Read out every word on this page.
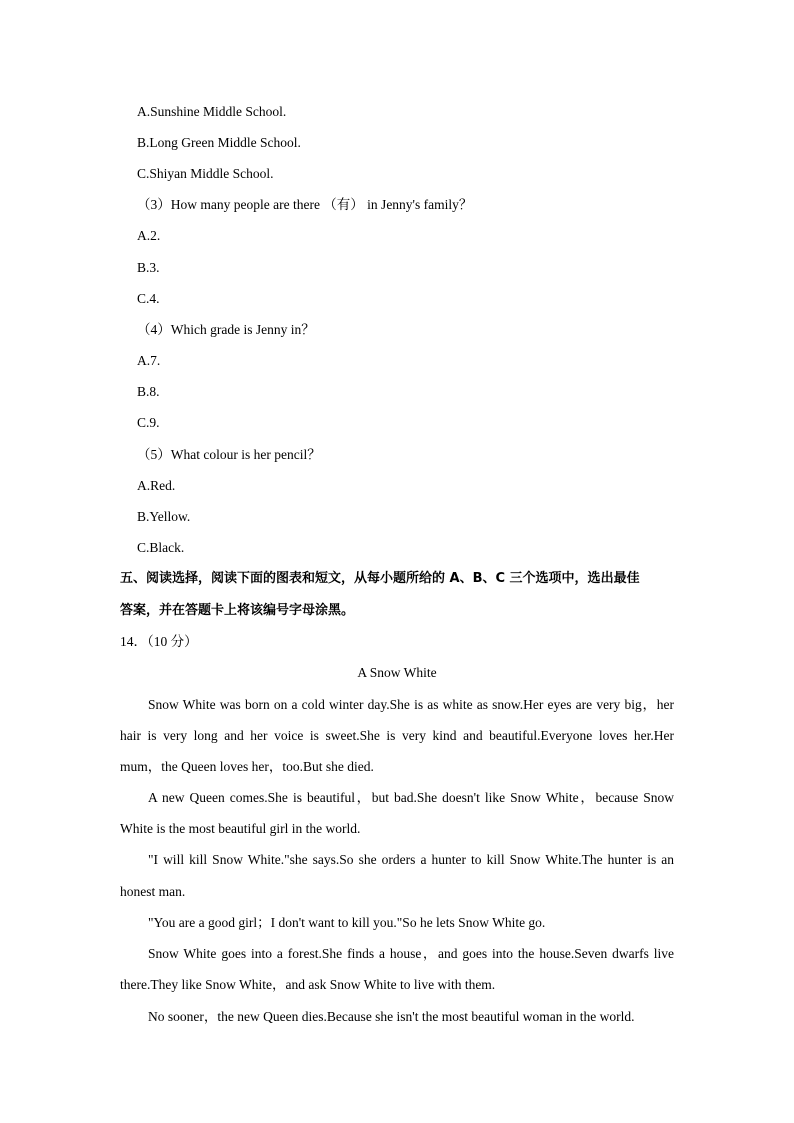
A.Sunshine Middle School.
B.Long Green Middle School.
C.Shiyan Middle School.
（3）How many people are there （有） in Jenny's family？
A.2.
B.3.
C.4.
（4）Which grade is Jenny in？
A.7.
B.8.
C.9.
（5）What colour is her pencil？
A.Red.
B.Yellow.
C.Black.
五、阅读选择，阅读下面的图表和短文，从每小题所给的 A、B、C 三个选项中，选出最佳
答案，并在答题卡上将该编号字母涂黑。
14．（10 分）
A Snow White
Snow White was born on a cold winter day.She is as white as snow.Her eyes are very big，her
hair is very long and her voice is sweet.She is very kind and beautiful.Everyone loves her.Her
mum，the Queen loves her，too.But she died.
A new Queen comes.She is beautiful，but bad.She doesn't like Snow White，because Snow
White is the most beautiful girl in the world.
"I will kill Snow White."she says.So she orders a hunter to kill Snow White.The hunter is an
honest man.
"You are a good girl；I don't want to kill you."So he lets Snow White go.
Snow White goes into a forest.She finds a house，and goes into the house.Seven dwarfs live
there.They like Snow White，and ask Snow White to live with them.
No sooner，the new Queen dies.Because she isn't the most beautiful woman in the world.
